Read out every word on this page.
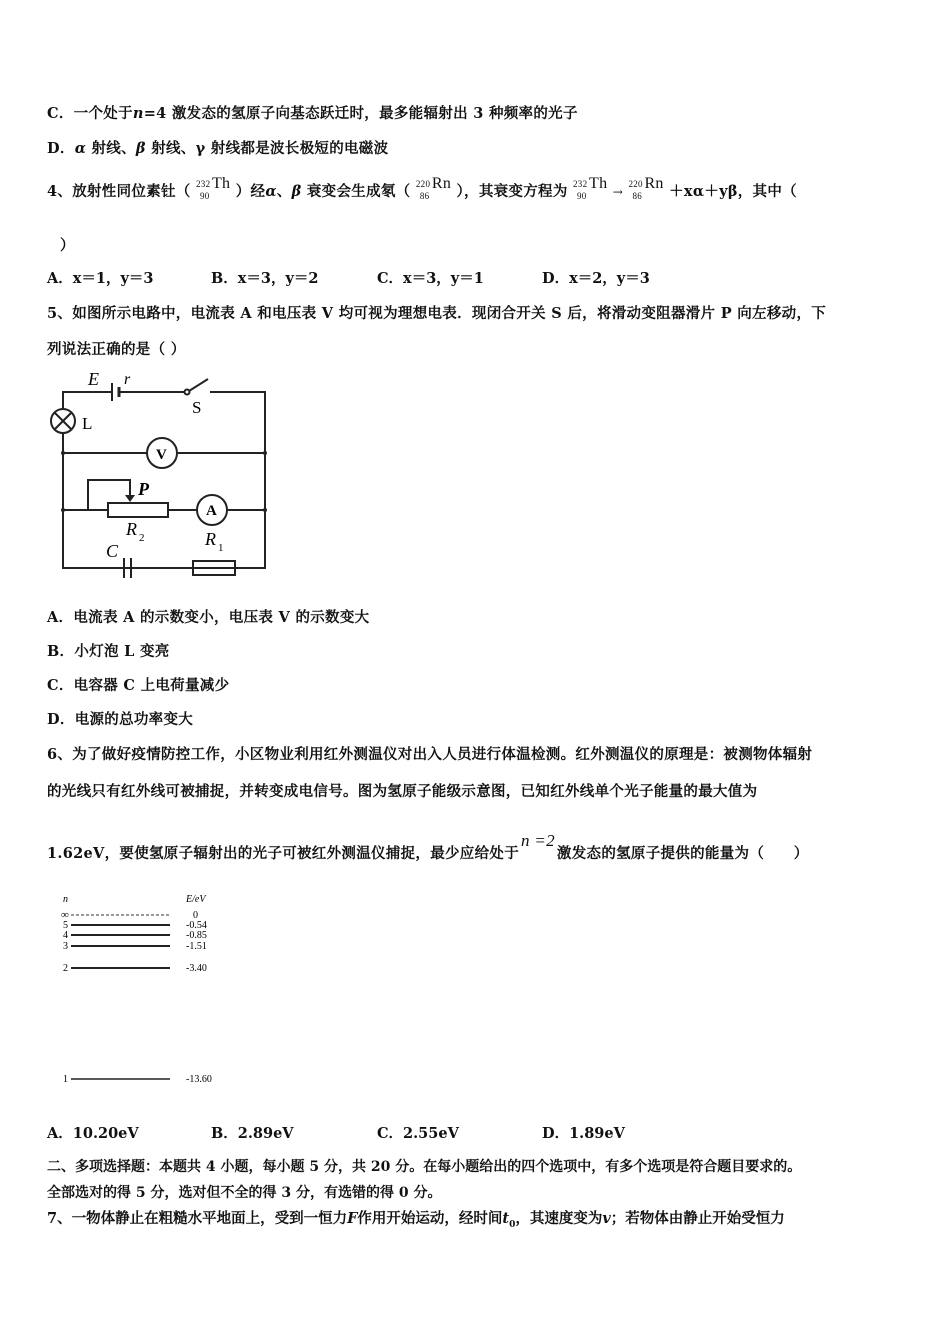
C．一个处于n=4 激发态的氢原子向基态跃迁时，最多能辐射出 3 种频率的光子
D．α 射线、β 射线、γ 射线都是波长极短的电磁波
4、放射性同位素钍（ 232
90
Th ）经α、β 衰变会生成氡（ 220
86
Rn ），其衰变方程为 232
90
Th →
220
86
Rn ＋xα＋yβ，其中（
）
A．x＝1，y＝3	B．x＝3，y＝2	C．x＝3，y＝1	D．x＝2，y＝3
5、如图所示电路中，电流表 A 和电压表 V 均可视为理想电表．现闭合开关 S 后，将滑动变阻器滑片 P 向左移动，下
列说法正确的是（ ）
E r
S
L
V
P
A
R 2
C
R 1
A．电流表 A 的示数变小，电压表 V 的示数变大
B．小灯泡 L 变亮
C．电容器 C 上电荷量减少
D．电源的总功率变大
6、为了做好疫情防控工作，小区物业利用红外测温仪对出入人员进行体温检测。红外测温仪的原理是：被测物体辐射
的光线只有红外线可被捕捉，并转变成电信号。图为氢原子能级示意图，已知红外线单个光子能量的最大值为
1.62eV，要使氢原子辐射出的光子可被红外测温仪捕捉，最少应给处于n =2激发态的氢原子提供的能量为（　　）
n	E/eV
∞	0
5	-0.54
4	-0.85
3	-1.51
2	-3.40
1	-13.60
A．10.20eV	B．2.89eV	C．2.55eV	D．1.89eV
二、多项选择题：本题共 4 小题，每小题 5 分，共 20 分。在每小题给出的四个选项中，有多个选项是符合题目要求的。
全部选对的得 5 分，选对但不全的得 3 分，有选错的得 0 分。
7、一物体静止在粗糙水平地面上，受到一恒力F作用开始运动，经时间$t_0$，其速度变为v；若物体由静止开始受恒力
